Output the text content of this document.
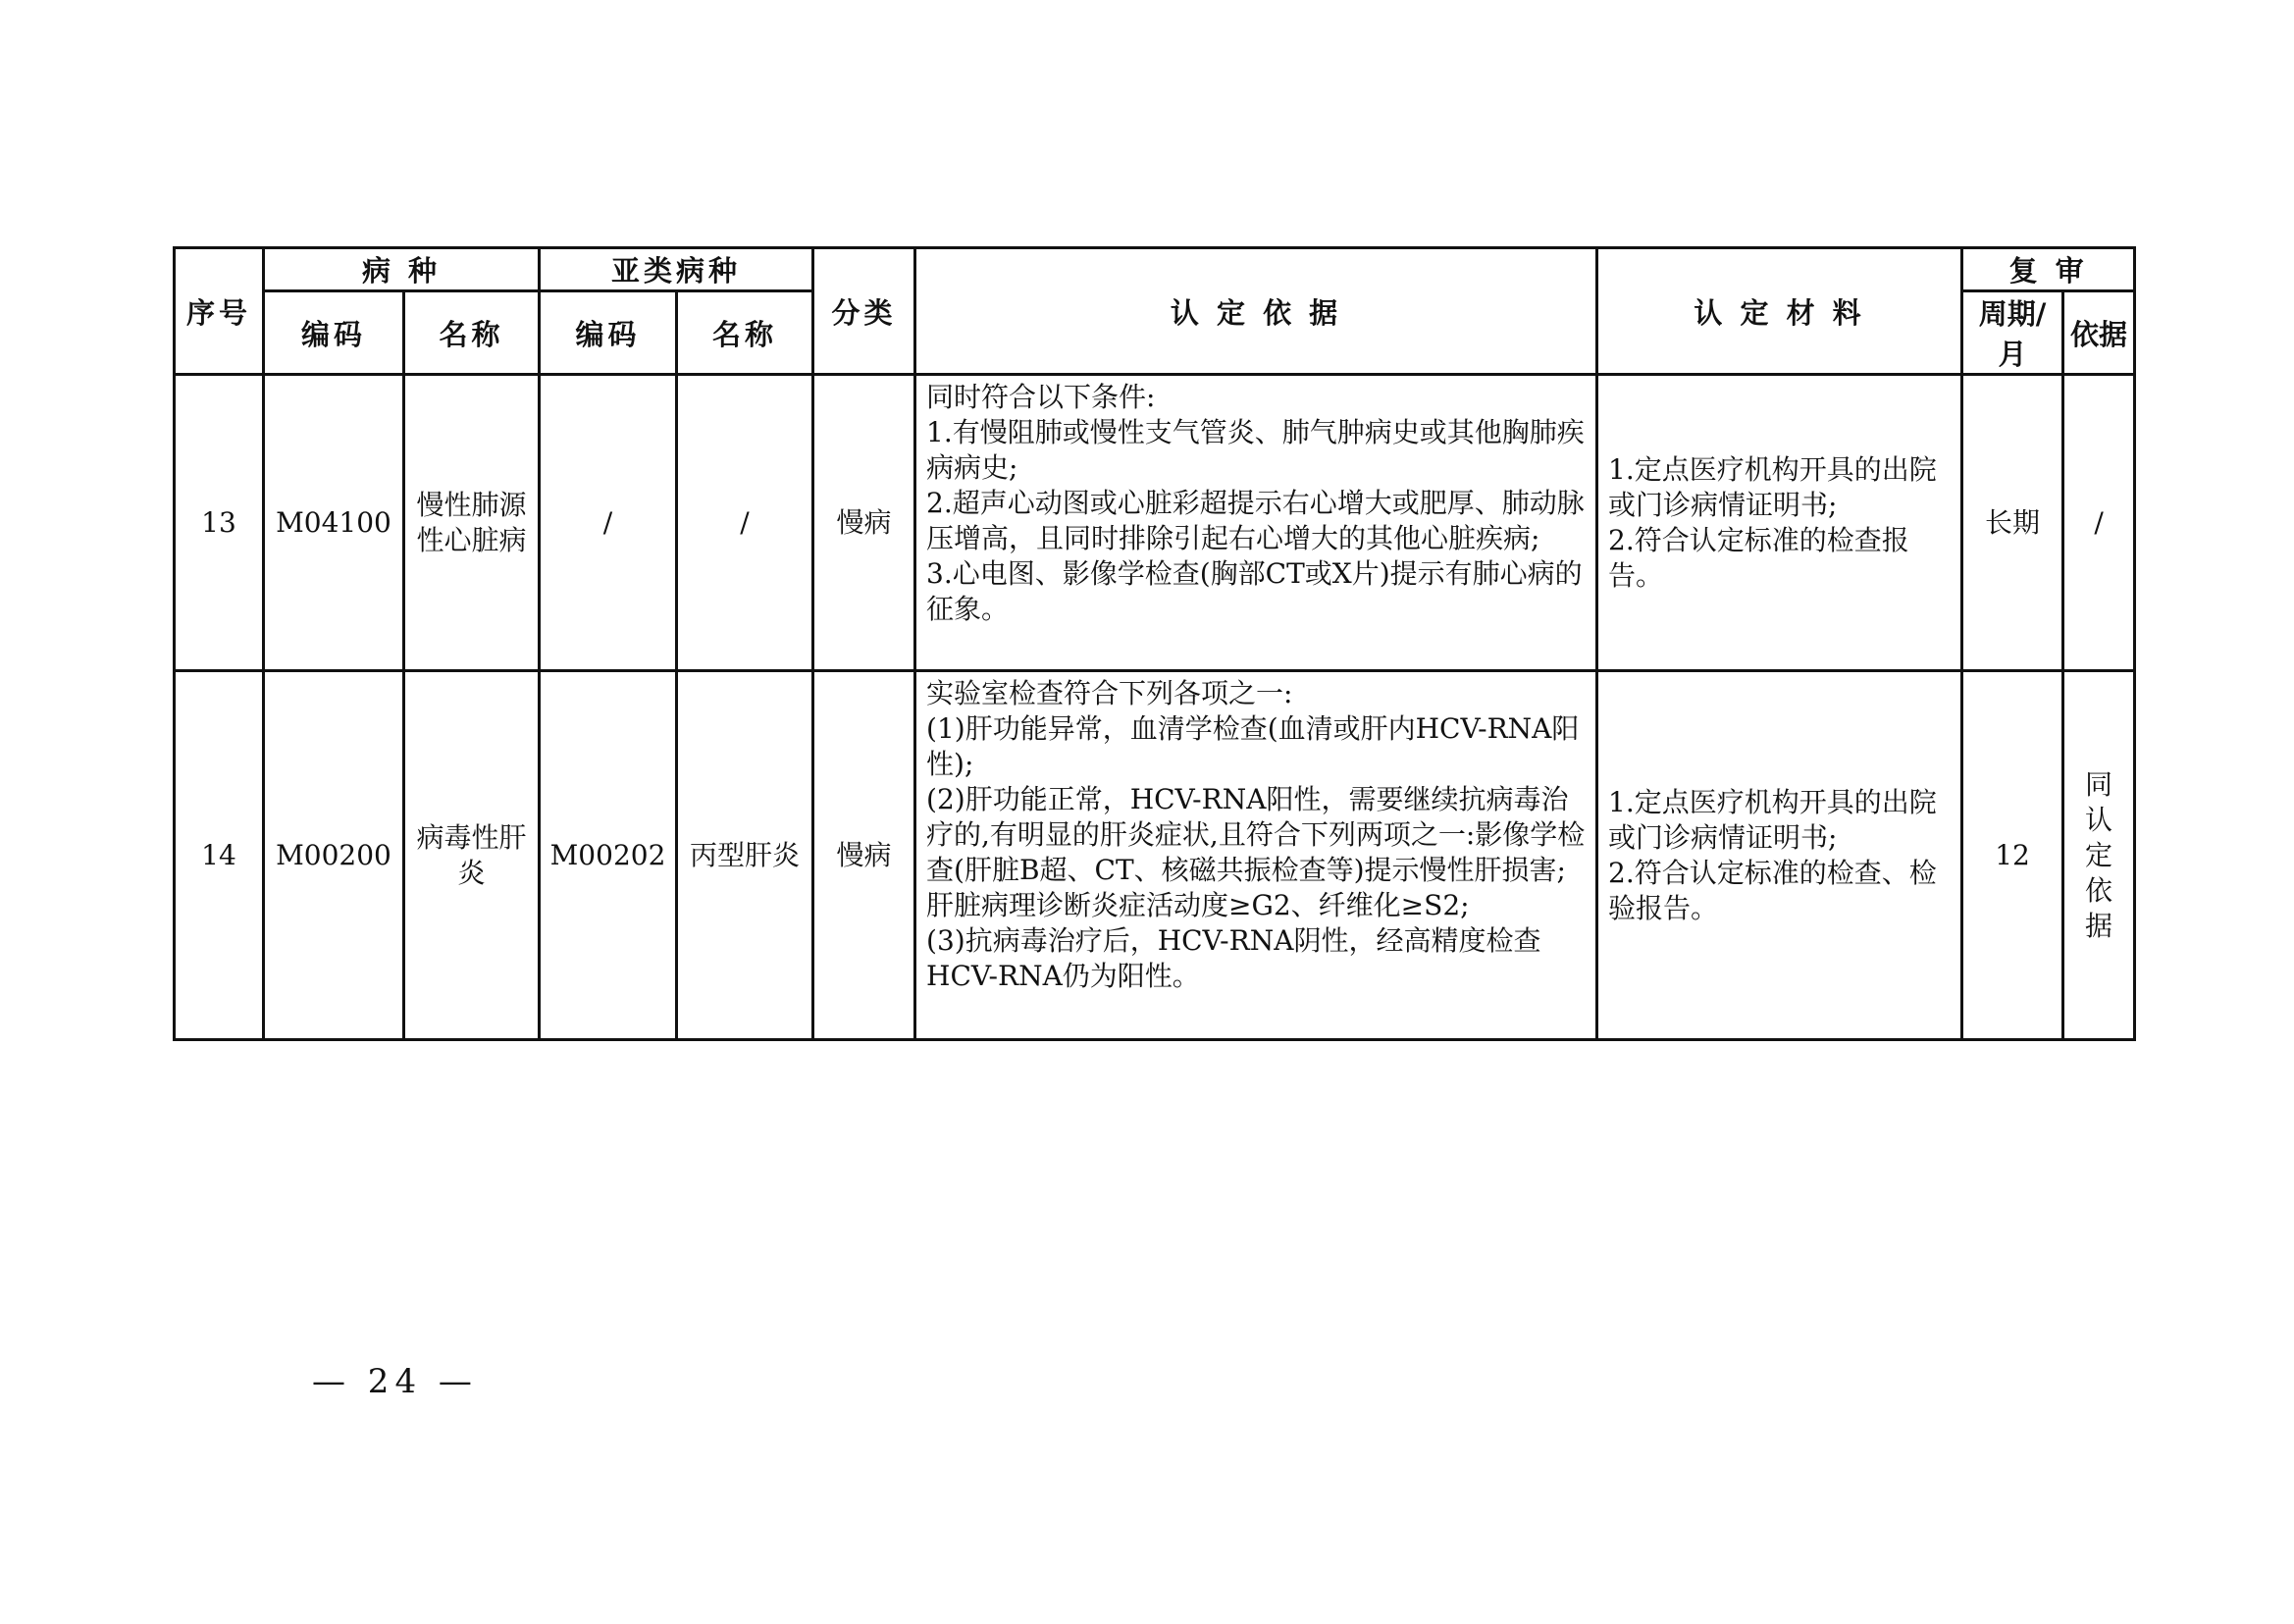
序号	病 种		亚类病种		分类	认 定 依 据	认 定 材 料	复 审	
	编码	名称	编码	名称				周期/月	依据
13	M04100	慢性肺源性心脏病	/	/	慢病	同时符合以下条件:
1.有慢阻肺或慢性支气管炎、肺气肿病史或其他胸肺疾病病史;
2.超声心动图或心脏彩超提示右心增大或肥厚、肺动脉压增高，且同时排除引起右心增大的其他心脏疾病;
3.心电图、影像学检查(胸部CT或X片)提示有肺心病的征象。	1.定点医疗机构开具的出院或门诊病情证明书;
2.符合认定标准的检查报告。	长期	/
14	M00200	病毒性肝炎	M00202	丙型肝炎	慢病	实验室检查符合下列各项之一:
(1)肝功能异常，血清学检查(血清或肝内HCV-RNA阳性);
(2)肝功能正常，HCV-RNA阳性，需要继续抗病毒治疗的,有明显的肝炎症状,且符合下列两项之一:影像学检查(肝脏B超、CT、核磁共振检查等)提示慢性肝损害;肝脏病理诊断炎症活动度≥G2、纤维化≥S2;
(3)抗病毒治疗后，HCV-RNA阴性，经高精度检查HCV-RNA仍为阳性。	1.定点医疗机构开具的出院或门诊病情证明书;
2.符合认定标准的检查、检验报告。	12	同
认
定
依
据
— 24 —
